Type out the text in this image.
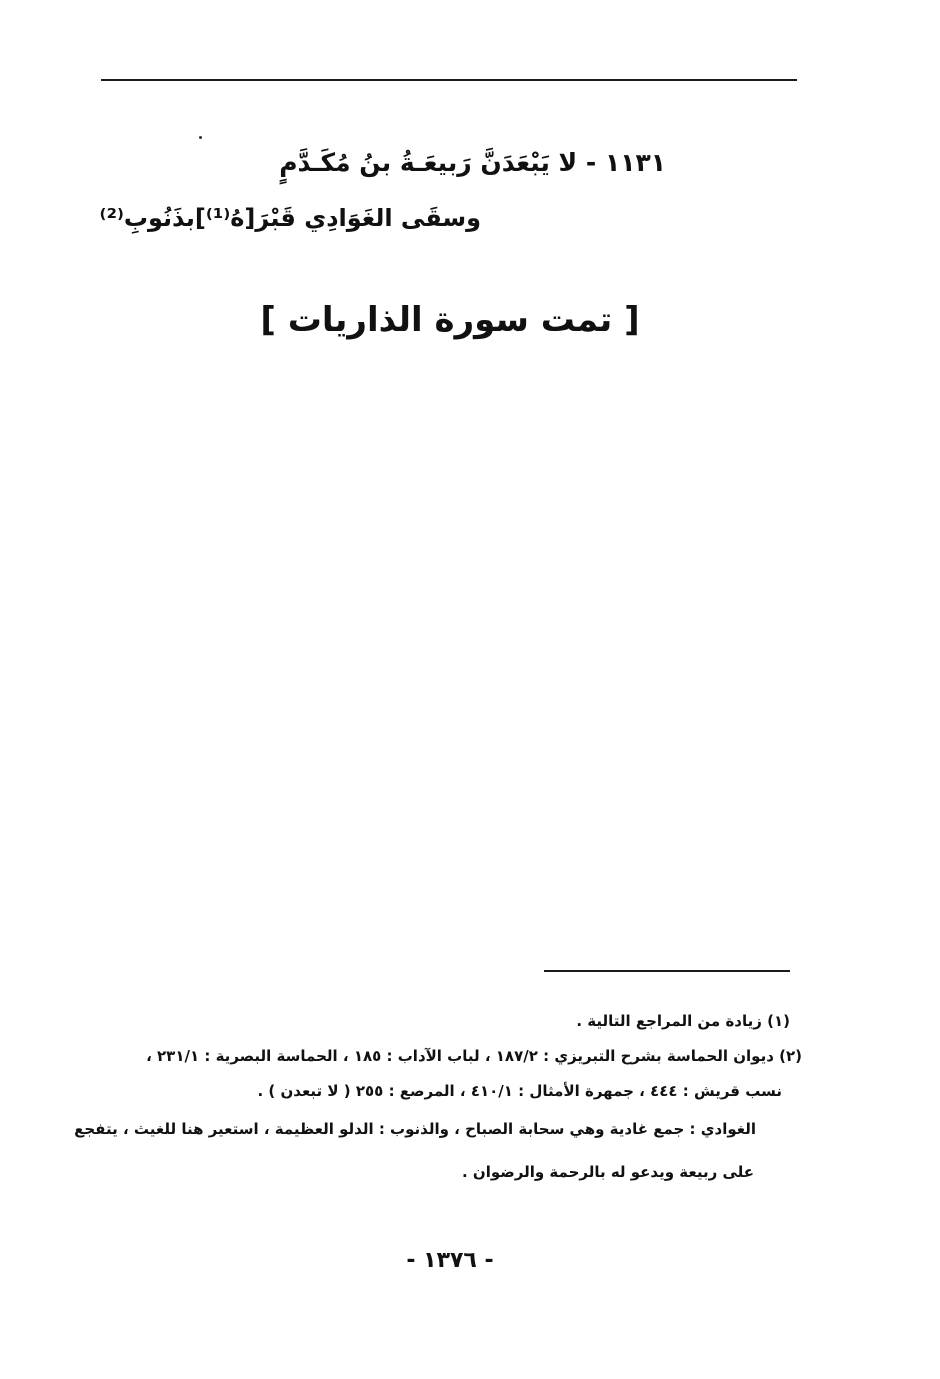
١١٣١ - لا يَبْعَدَنَّ رَبيعَـةُ بنُ مُكَـدَّمٍ
وسقَى الغَوَادِي قَبْرَ[هُ⁽¹⁾]بذَنُوبِ⁽²⁾
[ تمت سورة الذاريات ]
(١) زيادة من المراجع التالية .
(٢) ديوان الحماسة بشرح التبريزي : ١٨٧/٢ ، لباب الآداب : ١٨٥ ، الحماسة البصرية : ٢٣١/١ ،
نسب قريش : ٤٤٤ ، جمهرة الأمثال : ٤١٠/١ ، المرصع : ٢٥٥ ( لا تبعدن ) .
الغوادي : جمع غادية وهي سحابة الصباح ، والذنوب : الدلو العظيمة ، استعير هنا للغيث ، يتفجع
على ربيعة ويدعو له بالرحمة والرضوان .
- ١٣٧٦ -
